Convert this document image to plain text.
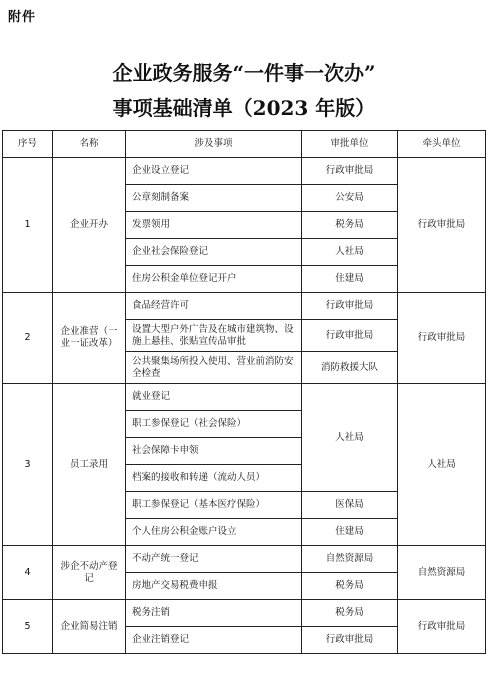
附件
企业政务服务“一件事一次办”
事项基础清单（2023 年版）
序号	名称	涉及事项	审批单位	牵头单位
1	企业开办	企业设立登记	行政审批局	行政审批局
		公章刻制备案	公安局	
		发票领用	税务局	
		企业社会保险登记	人社局	
		住房公积金单位登记开户	住建局	
2	企业准营（一业一证改革）	食品经营许可	行政审批局	行政审批局
		设置大型户外广告及在城市建筑物、设施上悬挂、张贴宣传品审批	行政审批局	
		公共聚集场所投入使用、营业前消防安全检查	消防救援大队	
3	员工录用	就业登记	人社局	人社局
		职工参保登记（社会保险）		
		社会保障卡申领		
		档案的接收和转递（流动人员）		
		职工参保登记（基本医疗保险）	医保局	
		个人住房公积金账户设立	住建局	
4	涉企不动产登记	不动产统一登记	自然资源局	自然资源局
		房地产交易税费申报	税务局	
5	企业简易注销	税务注销	税务局	行政审批局
		企业注销登记	行政审批局	
